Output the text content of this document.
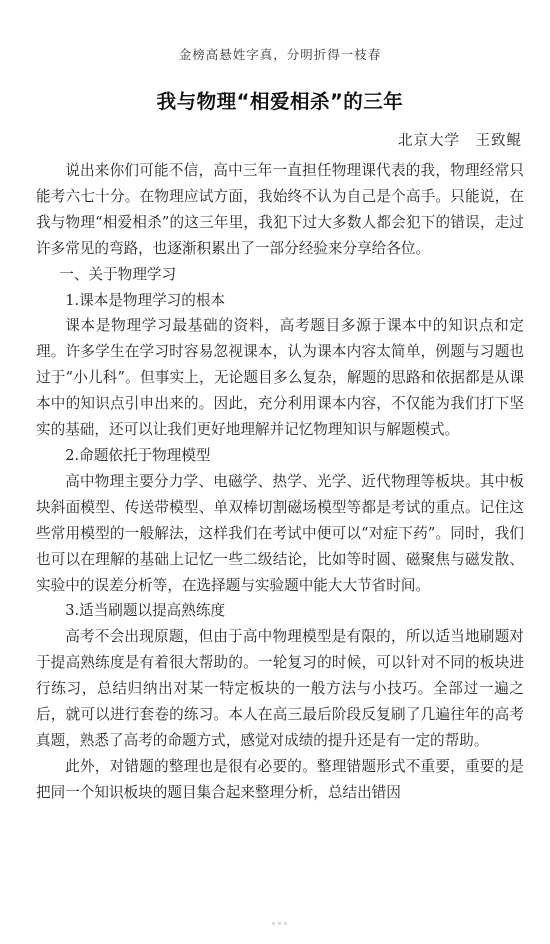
金榜高悬姓字真，分明折得一枝春
我与物理“相爱相杀”的三年
北京大学　王致鲲

说出来你们可能不信，高中三年一直担任物理课代表的我，物理经常只能考六七十分。在物理应试方面，我始终不认为自己是个高手。只能说，在我与物理“相爱相杀”的这三年里，我犯下过大多数人都会犯下的错误，走过许多常见的弯路，也逐渐积累出了一部分经验来分享给各位。

一、关于物理学习

1.课本是物理学习的根本

课本是物理学习最基础的资料，高考题目多源于课本中的知识点和定理。许多学生在学习时容易忽视课本，认为课本内容太简单，例题与习题也过于“小儿科”。但事实上，无论题目多么复杂，解题的思路和依据都是从课本中的知识点引申出来的。因此，充分利用课本内容，不仅能为我们打下坚实的基础，还可以让我们更好地理解并记忆物理知识与解题模式。

2.命题依托于物理模型

高中物理主要分力学、电磁学、热学、光学、近代物理等板块。其中板块斜面模型、传送带模型、单双棒切割磁场模型等都是考试的重点。记住这些常用模型的一般解法，这样我们在考试中便可以“对症下药”。同时，我们也可以在理解的基础上记忆一些二级结论，比如等时圆、磁聚焦与磁发散、实验中的误差分析等，在选择题与实验题中能大大节省时间。

3.适当刷题以提高熟练度

高考不会出现原题，但由于高中物理模型是有限的，所以适当地刷题对于提高熟练度是有着很大帮助的。一轮复习的时候，可以针对不同的板块进行练习，总结归纳出对某一特定板块的一般方法与小技巧。全部过一遍之后，就可以进行套卷的练习。本人在高三最后阶段反复刷了几遍往年的高考真题，熟悉了高考的命题方式，感觉对成绩的提升还是有一定的帮助。

此外，对错题的整理也是很有必要的。整理错题形式不重要，重要的是把同一个知识板块的题目集合起来整理分析，总结出错因
